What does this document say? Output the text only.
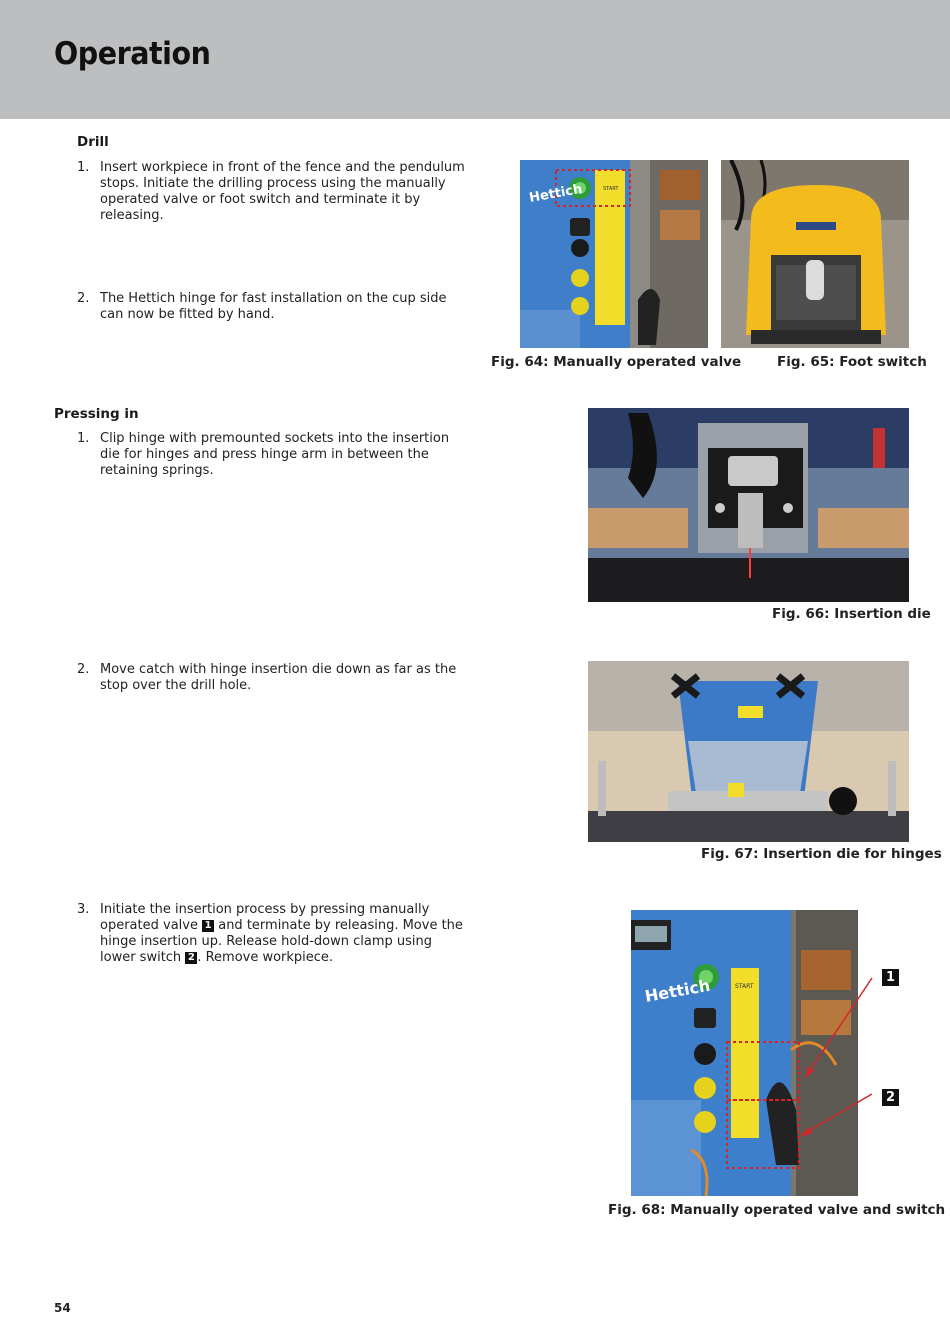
Operation
Drill
1. Insert workpiece in front of the fence and the pendulum stops. Initiate the drilling process using the manually operated valve or foot switch and terminate it by releasing.
2. The Hettich hinge for fast installation on the cup side can now be fitted by hand.
Hettich	START
Fig. 64: Manually operated valve	Fig. 65: Foot switch
Pressing in
1. Clip hinge with premounted sockets into the insertion die for hinges and press hinge arm in between the retaining springs.
Fig. 66: Insertion die
2. Move catch with hinge insertion die down as far as the stop over the drill hole.
Fig. 67: Insertion die for hinges
3. Initiate the insertion process by pressing manually operated valve 1 and terminate by releasing. Move the hinge insertion up. Release hold-down clamp using lower switch 2 . Remove workpiece.
Hettich	START
1
2
Fig. 68: Manually operated valve and switch
54
